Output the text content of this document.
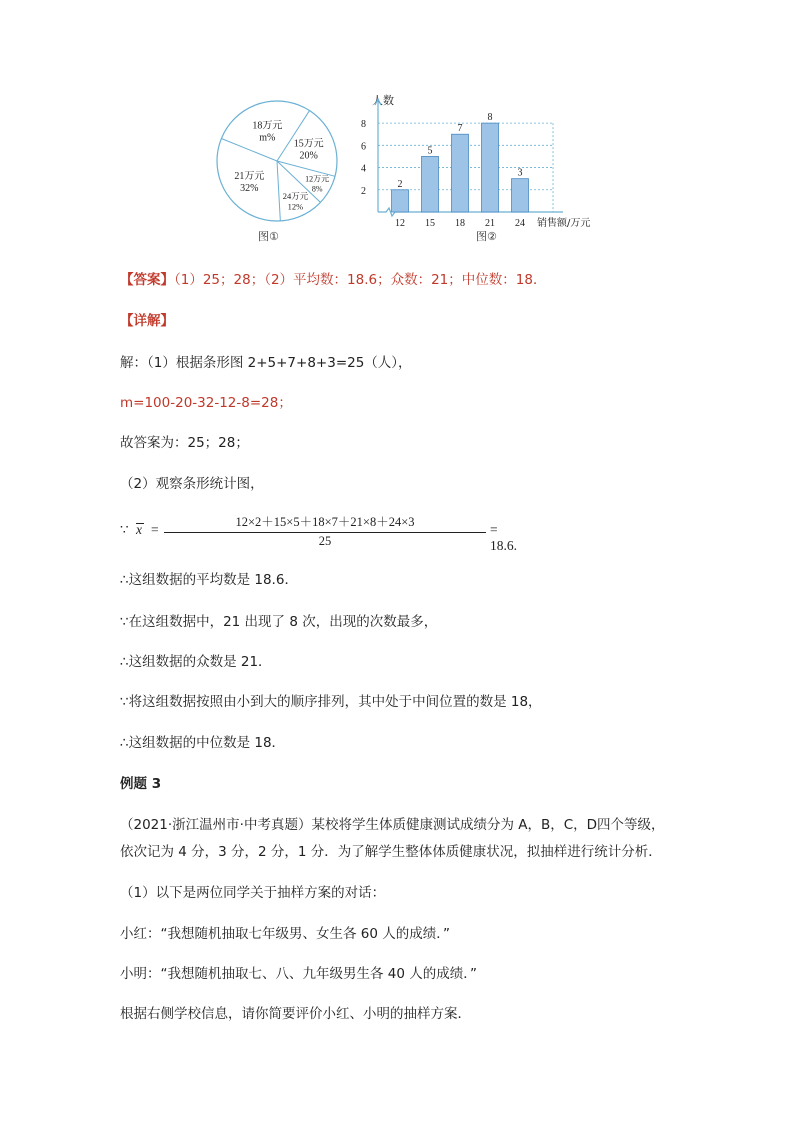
18万元
m%
15万元
20%
12万元
8%
24万元
12%
21万元
32%
图①
人数
2
4
6
8
2
12
5
15
7
18
8
21
3
24 销售额/万元
图②
【答案】（1）25；28；（2）平均数：18.6；众数：21；中位数：18．
【详解】
解：（1）根据条形图 2+5+7+8+3=25（人），
m=100-20-32-12-8=28；
故答案为：25；28；
（2）观察条形统计图，
∵ x =	12×2＋15×5＋18×7＋21×8＋24×3
25
= 18.6.
∴这组数据的平均数是 18.6．
∵在这组数据中，21 出现了 8 次，出现的次数最多，
∴这组数据的众数是 21．
∵将这组数据按照由小到大的顺序排列，其中处于中间位置的数是 18，
∴这组数据的中位数是 18．
例题 3
（2021·浙江温州市·中考真题）某校将学生体质健康测试成绩分为 A，B，C，D四个等级，
依次记为 4 分，3 分，2 分，1 分．为了解学生整体体质健康状况，拟抽样进行统计分析．
（1）以下是两位同学关于抽样方案的对话：
小红：“我想随机抽取七年级男、女生各 60 人的成绩．”
小明：“我想随机抽取七、八、九年级男生各 40 人的成绩．”
根据右侧学校信息，请你简要评价小红、小明的抽样方案．
